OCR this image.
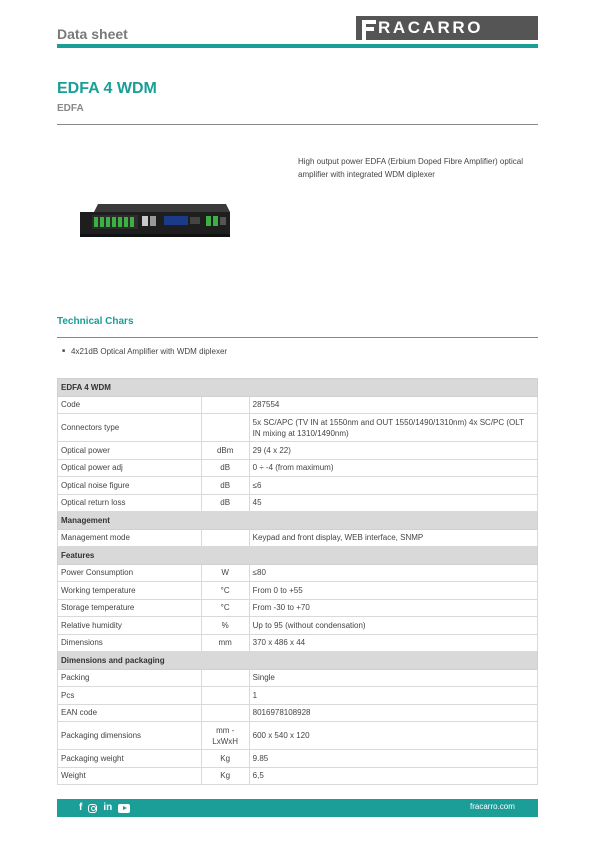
Data sheet	RACARRO
EDFA 4 WDM
EDFA
High output power EDFA (Erbium Doped Fibre Amplifier) optical amplifier with integrated WDM diplexer
Technical Chars
■ 4x21dB Optical Amplifier with WDM diplexer
EDFA 4 WDM		
Code		287554
Connectors type		5x SC/APC (TV IN at 1550nm and OUT 1550/1490/1310nm) 4x SC/PC (OLT IN mixing at 1310/1490nm)
Optical power	dBm	29 (4 x 22)
Optical power adj	dB	0 ÷ -4 (from maximum)
Optical noise figure	dB	≤6
Optical return loss	dB	45
Management		
Management mode		Keypad and front display, WEB interface, SNMP
Features		
Power Consumption	W	≤80
Working temperature	°C	From 0 to +55
Storage temperature	°C	From -30 to +70
Relative humidity	%	Up to 95 (without condensation)
Dimensions	mm	370 x 486 x 44
Dimensions and packaging		
Packing		Single
Pcs		1
EAN code		8016978108928
Packaging dimensions	mm - LxWxH	600 x 540 x 120
Packaging weight	Kg	9.85
Weight	Kg	6,5
f in	fracarro.com
